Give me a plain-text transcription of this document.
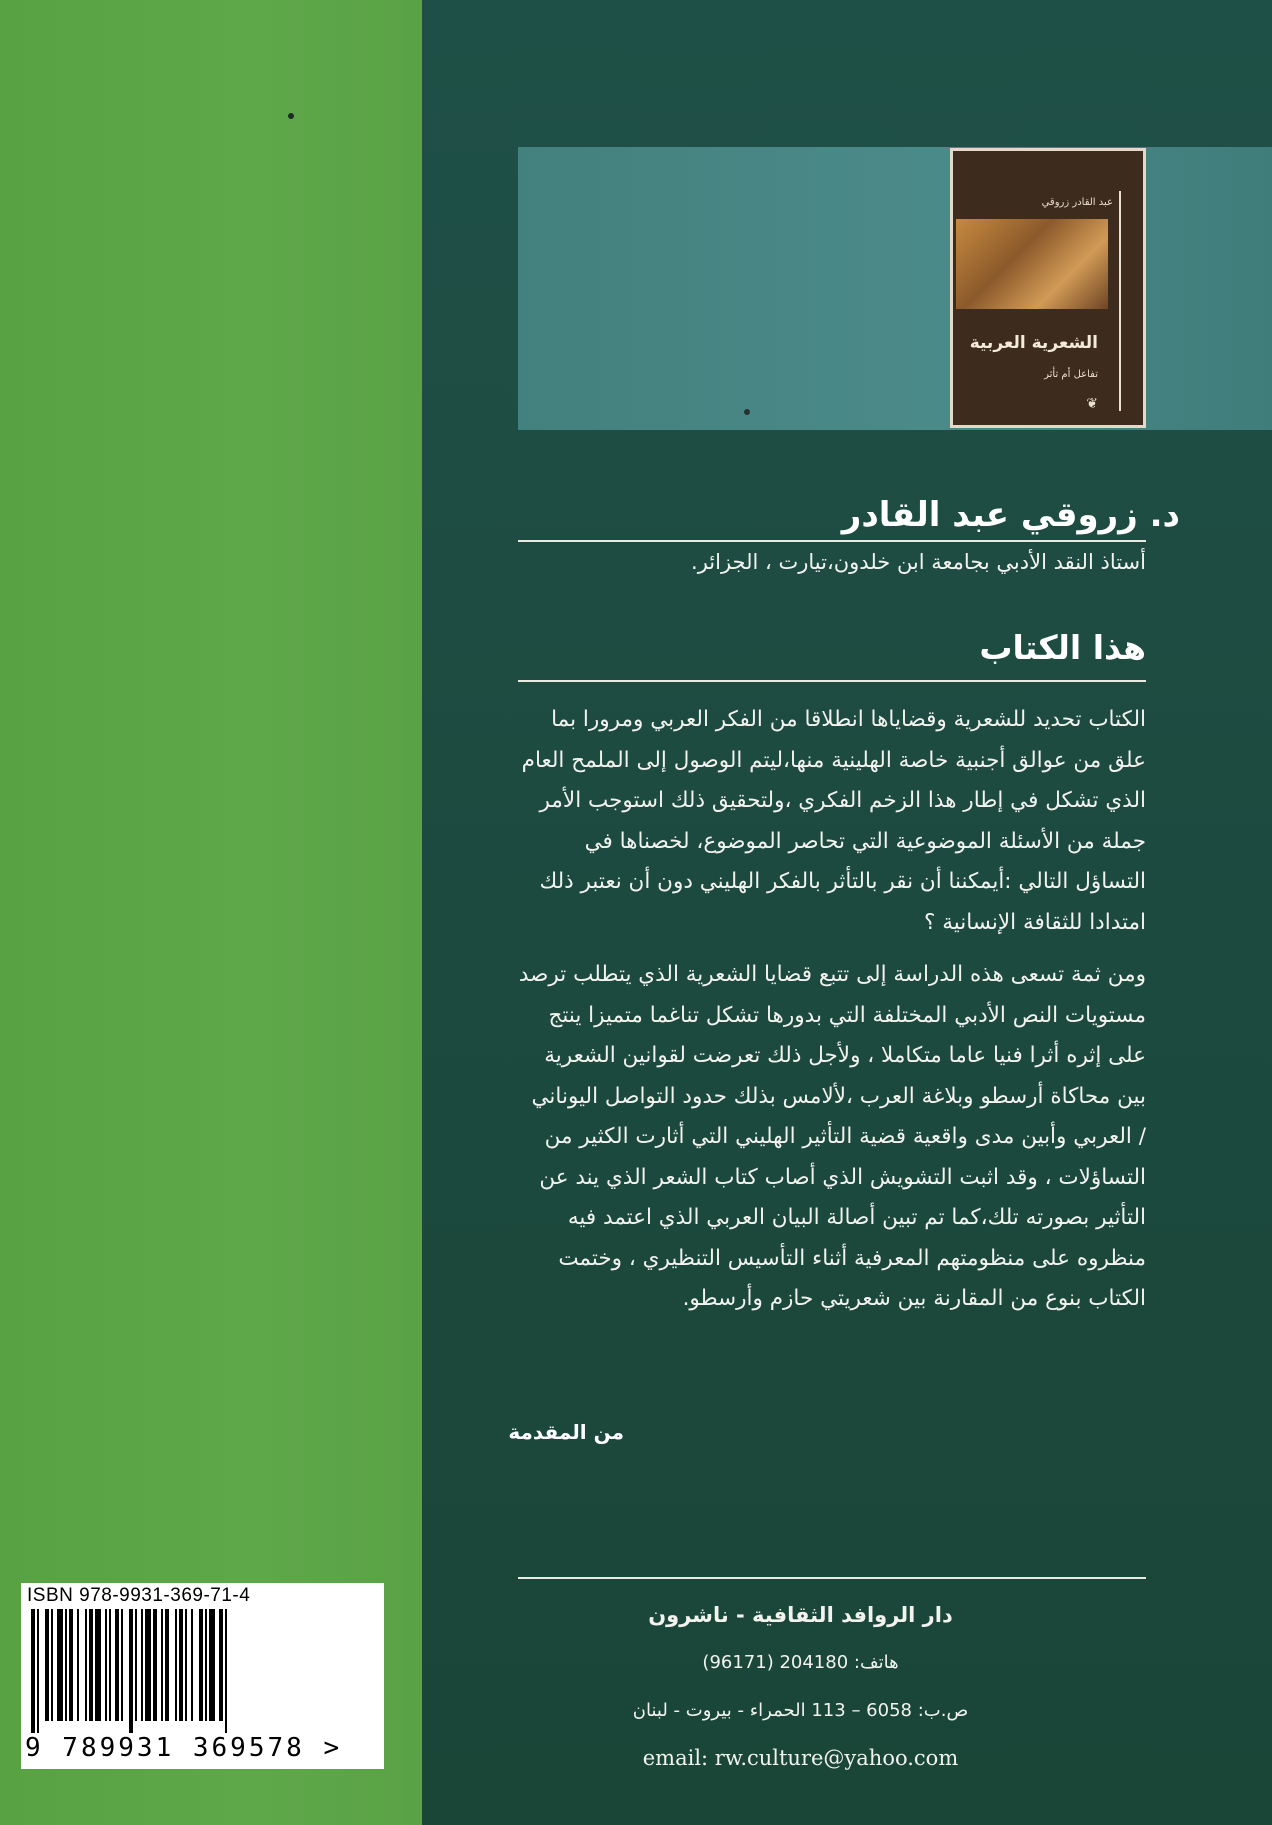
عبد القادر زروقي
الشعرية العربية
تفاعل أم تأثر
❦
د. زروقي عبد القادر
أستاذ النقد الأدبي بجامعة ابن خلدون،تيارت ، الجزائر.
هذا الكتاب

الكتاب تحديد للشعرية وقضاياها انطلاقا من الفكر العربي ومرورا بما علق من عوالق أجنبية خاصة الهلينية منها،ليتم الوصول إلى الملمح العام الذي تشكل في إطار هذا الزخم الفكري ،ولتحقيق ذلك استوجب الأمر جملة من الأسئلة الموضوعية التي تحاصر الموضوع، لخصناها في التساؤل التالي :أيمكننا أن نقر بالتأثر بالفكر الهليني دون أن نعتبر ذلك امتدادا للثقافة الإنسانية ؟

ومن ثمة تسعى هذه الدراسة إلى تتبع قضايا الشعرية الذي يتطلب ترصد مستويات النص الأدبي المختلفة التي بدورها تشكل تناغما متميزا ينتج على إثره أثرا فنيا عاما متكاملا ، ولأجل ذلك تعرضت لقوانين الشعرية بين محاكاة أرسطو وبلاغة العرب ،لألامس بذلك حدود التواصل اليوناني / العربي وأبين مدى واقعية قضية التأثير الهليني التي أثارت الكثير من التساؤلات ، وقد اثبت التشويش الذي أصاب كتاب الشعر الذي يند عن التأثير بصورته تلك،كما تم تبين أصالة البيان العربي الذي اعتمد فيه منظروه على منظومتهم المعرفية أثناء التأسيس التنظيري ، وختمت الكتاب بنوع من المقارنة بين شعريتي حازم وأرسطو.

من المقدمة
دار الروافد الثقافية - ناشرون
هاتف: 204180 (96171)
ص.ب: 6058 – 113 الحمراء - بيروت - لبنان
email: rw.culture@yahoo.com
ISBN 978-9931-369-71-4
9 789931 369578 >
